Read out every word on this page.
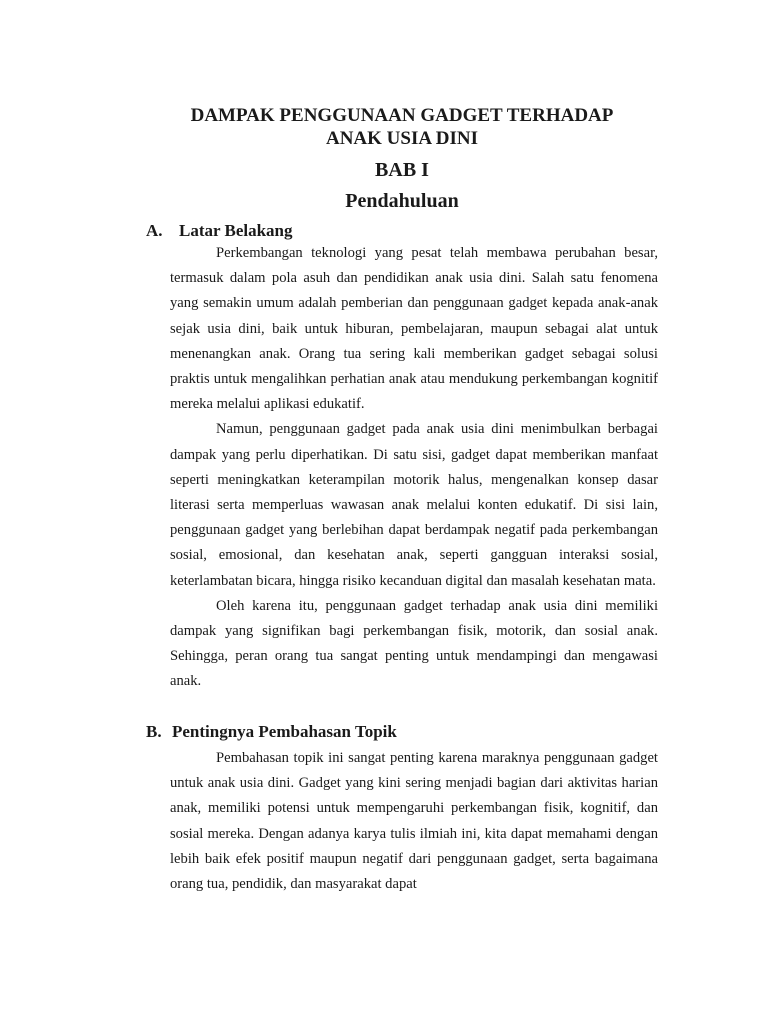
DAMPAK PENGGUNAAN GADGET TERHADAP
ANAK USIA DINI
BAB I
Pendahuluan
A. Latar Belakang

Perkembangan teknologi yang pesat telah membawa perubahan besar, termasuk dalam pola asuh dan pendidikan anak usia dini. Salah satu fenomena yang semakin umum adalah pemberian dan penggunaan gadget kepada anak-anak sejak usia dini, baik untuk hiburan, pembelajaran, maupun sebagai alat untuk menenangkan anak. Orang tua sering kali memberikan gadget sebagai solusi praktis untuk mengalihkan perhatian anak atau mendukung perkembangan kognitif mereka melalui aplikasi edukatif.

Namun, penggunaan gadget pada anak usia dini menimbulkan berbagai dampak yang perlu diperhatikan. Di satu sisi, gadget dapat memberikan manfaat seperti meningkatkan keterampilan motorik halus, mengenalkan konsep dasar literasi serta memperluas wawasan anak melalui konten edukatif. Di sisi lain, penggunaan gadget yang berlebihan dapat berdampak negatif pada perkembangan sosial, emosional, dan kesehatan anak, seperti gangguan interaksi sosial, keterlambatan bicara, hingga risiko kecanduan digital dan masalah kesehatan mata.

Oleh karena itu, penggunaan gadget terhadap anak usia dini memiliki dampak yang signifikan bagi perkembangan fisik, motorik, dan sosial anak. Sehingga, peran orang tua sangat penting untuk mendampingi dan mengawasi anak.

B. Pentingnya Pembahasan Topik

Pembahasan topik ini sangat penting karena maraknya penggunaan gadget untuk anak usia dini. Gadget yang kini sering menjadi bagian dari aktivitas harian anak, memiliki potensi untuk mempengaruhi perkembangan fisik, kognitif, dan sosial mereka. Dengan adanya karya tulis ilmiah ini, kita dapat memahami dengan lebih baik efek positif maupun negatif dari penggunaan gadget, serta bagaimana orang tua, pendidik, dan masyarakat dapat
